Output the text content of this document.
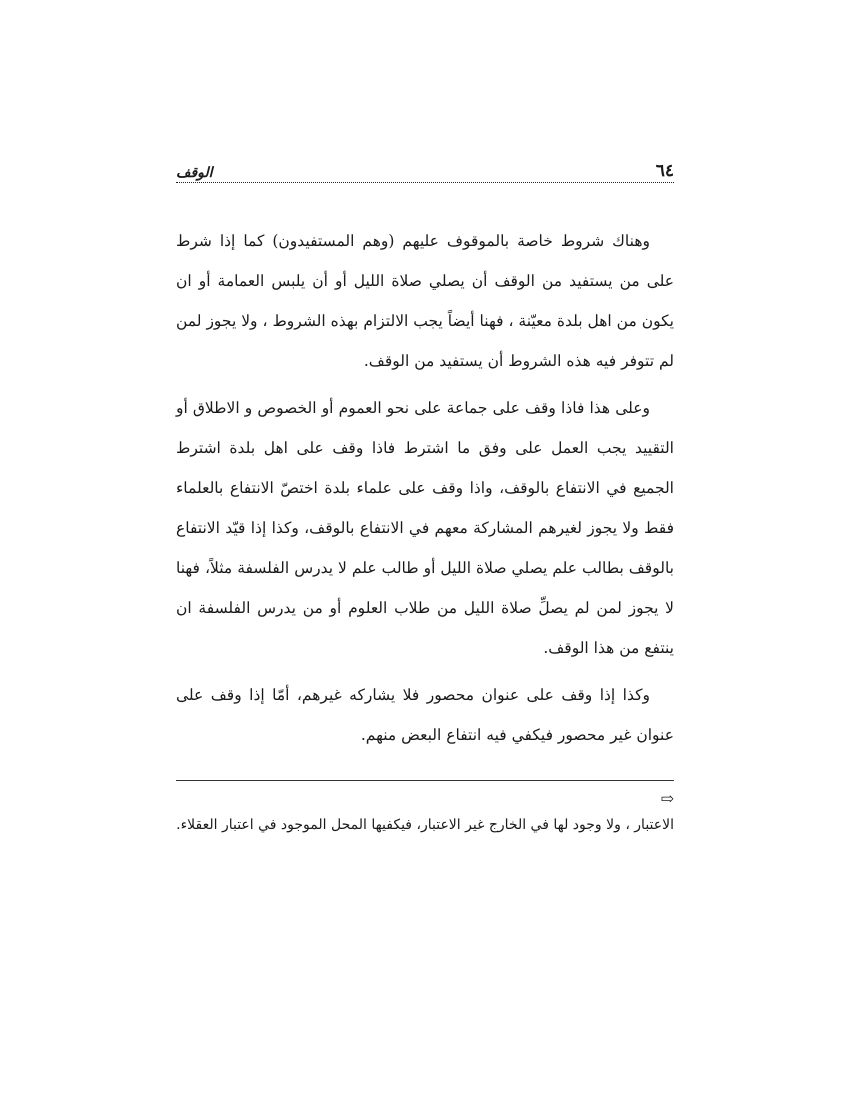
٦٤
الوقف

وهناك شروط خاصة بالموقوف عليهم (وهم المستفيدون) كما إذا شرط على من يستفيد من الوقف أن يصلي صلاة الليل أو أن يلبس العمامة أو ان يكون من اهل بلدة معيّنة ، فهنا أيضاً يجب الالتزام بهذه الشروط ، ولا يجوز لمن لم تتوفر فيه هذه الشروط أن يستفيد من الوقف.

وعلى هذا فاذا وقف على جماعة على نحو العموم أو الخصوص و الاطلاق أو التقييد يجب العمل على وفق ما اشترط فاذا وقف على اهل بلدة اشترط الجميع في الانتفاع بالوقف، واذا وقف على علماء بلدة اختصّ الانتفاع بالعلماء فقط ولا يجوز لغيرهم المشاركة معهم في الانتفاع بالوقف، وكذا إذا قيّد الانتفاع بالوقف بطالب علم يصلي صلاة الليل أو طالب علم لا يدرس الفلسفة مثلاً، فهنا لا يجوز لمن لم يصلِّ صلاة الليل من طلاب العلوم أو من يدرس الفلسفة ان ينتفع من هذا الوقف.

وكذا إذا وقف على عنوان محصور فلا يشاركه غيرهم، أمّا إذا وقف على عنوان غير محصور فيكفي فيه انتفاع البعض منهم.

⇨
الاعتبار ، ولا وجود لها في الخارج غير الاعتبار، فيكفيها المحل الموجود في اعتبار العقلاء.
